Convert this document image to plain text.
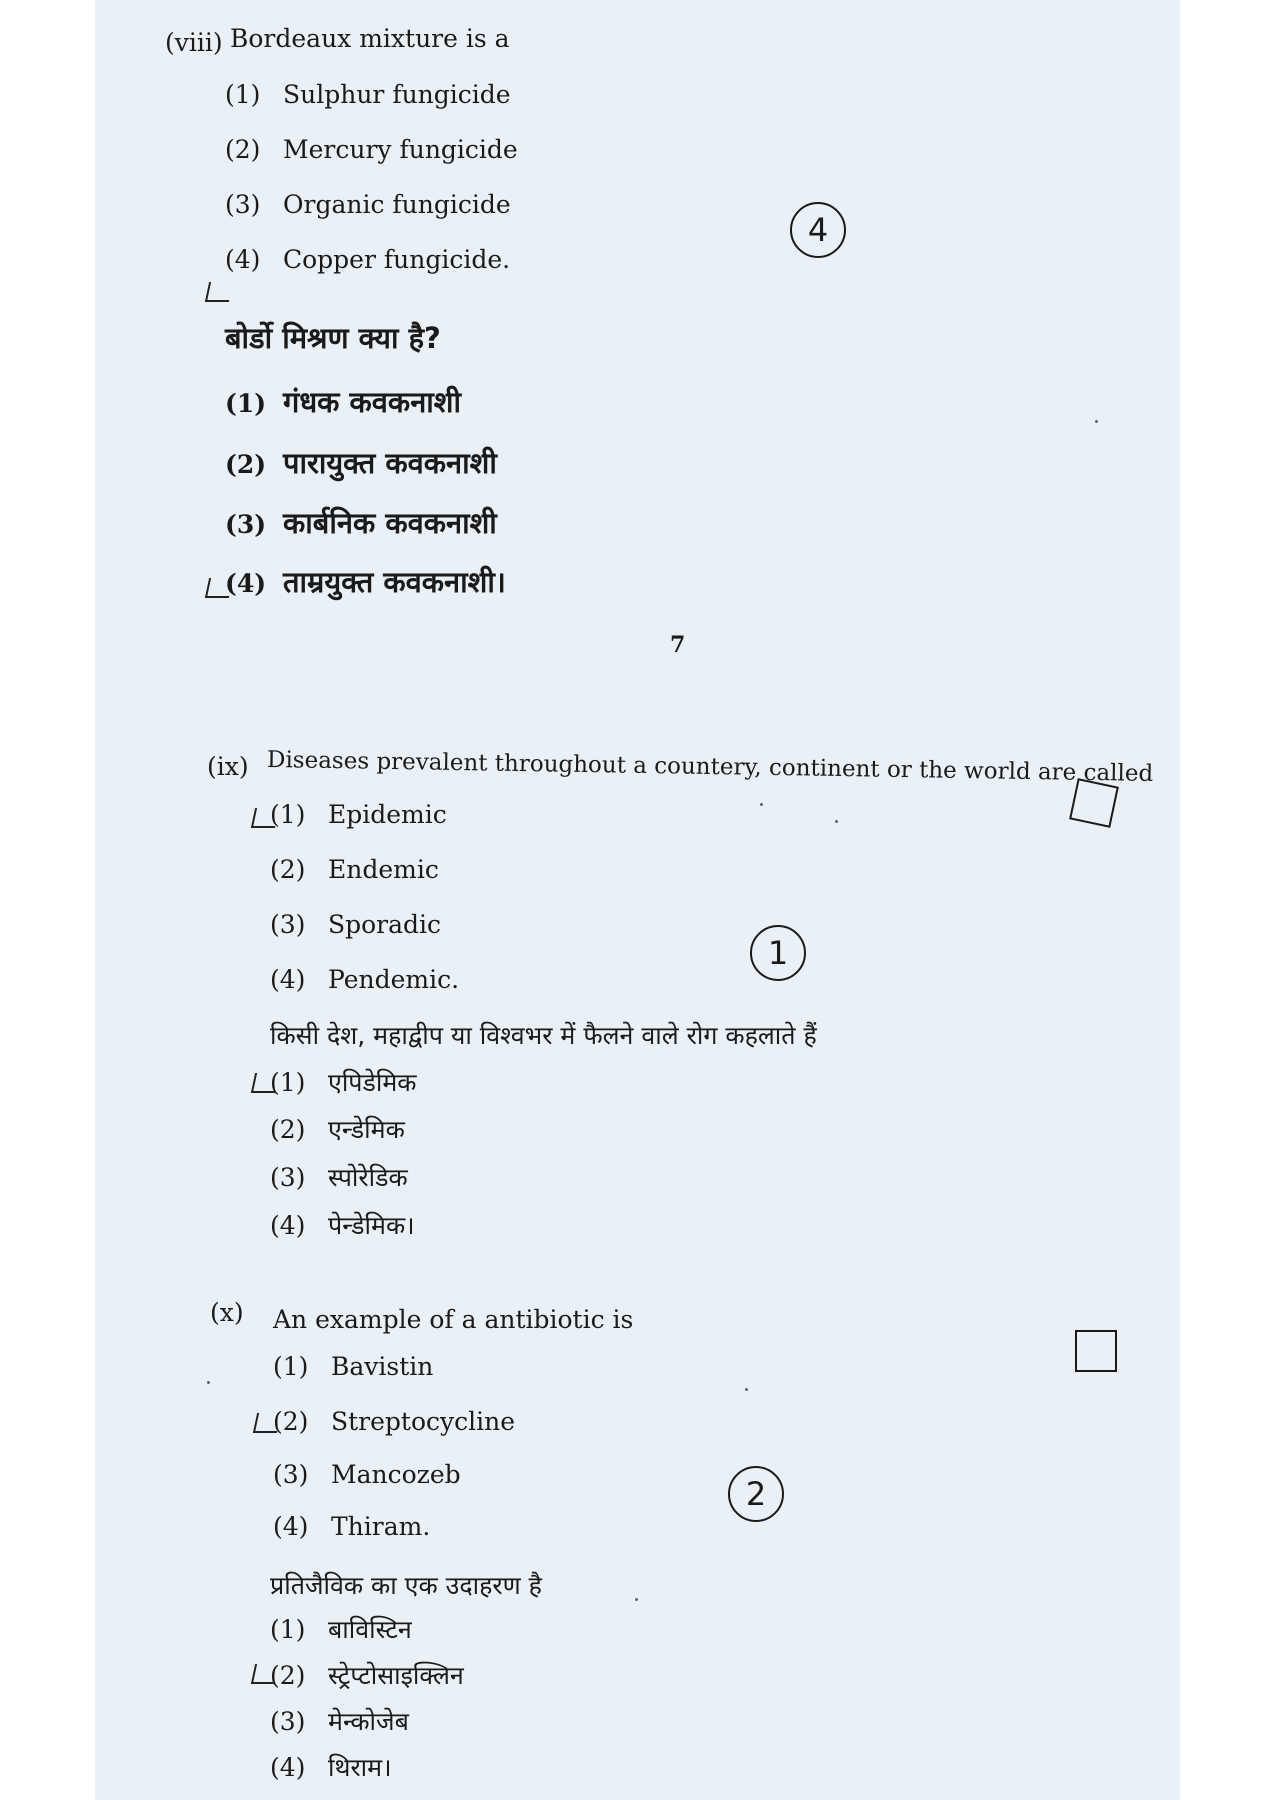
(viii) Bordeaux mixture is a
(1) Sulphur fungicide
(2) Mercury fungicide
(3) Organic fungicide
(4) Copper fungicide.
बोर्डो मिश्रण क्या है?
(1) गंधक कवकनाशी
(2) पारायुक्त कवकनाशी
(3) कार्बनिक कवकनाशी
(4) ताम्रयुक्त कवकनाशी।
4
7
(ix) Diseases prevalent throughout a countery, continent or the world are called
(1) Epidemic
(2) Endemic
(3) Sporadic
(4) Pendemic.
किसी देश, महाद्वीप या विश्वभर में फैलने वाले रोग कहलाते हैं
(1) एपिडेमिक
(2) एन्डेमिक
(3) स्पोरेडिक
(4) पेन्डेमिक।
1
(x) An example of a antibiotic is
(1) Bavistin
(2) Streptocycline
(3) Mancozeb
(4) Thiram.
प्रतिजैविक का एक उदाहरण है
(1) बाविस्टिन
(2) स्ट्रेप्टोसाइक्लिन
(3) मेन्कोजेब
(4) थिराम।
2
